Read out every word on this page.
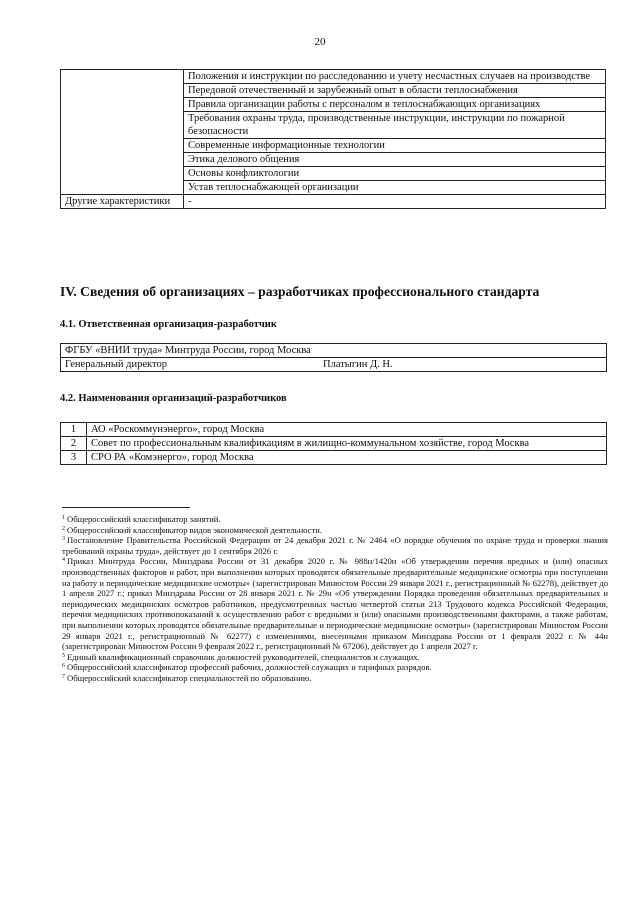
20
	Положения и инструкции по расследованию и учету несчастных случаев на производстве
	Передовой отечественный и зарубежный опыт в области теплоснабжения
	Правила организации работы с персоналом в теплоснабжающих организациях
	Требования охраны труда, производственные инструкции, инструкции по пожарной безопасности
	Современные информационные технологии
	Этика делового общения
	Основы конфликтологии
	Устав теплоснабжающей организации
Другие характеристики	-
IV. Сведения об организациях – разработчиках профессионального стандарта
4.1. Ответственная организация-разработчик
ФГБУ «ВНИИ труда» Минтруда России, город Москва
Генеральный директор	Платыгин Д. Н.
4.2. Наименования организаций-разработчиков
1	АО «Роскоммунэнерго», город Москва
2	Совет по профессиональным квалификациям в жилищно-коммунальном хозяйстве, город Москва
3	СРО РА «Комэнерго», город Москва

$^1$ Общероссийский классификатор занятий.

$^2$ Общероссийский классификатор видов экономической деятельности.

$^3$ Постановление Правительства Российской Федерации от 24 декабря 2021 г. № 2464 «О порядке обучения по охране труда и проверки знания требований охраны труда», действует до 1 сентября 2026 г.

$^4$ Приказ Минтруда России, Минздрава России от 31 декабря 2020 г. № 988н/1420н «Об утверждении перечня вредных и (или) опасных производственных факторов и работ, при выполнении которых проводятся обязательные предварительные медицинские осмотры при поступлении на работу и периодические медицинские осмотры» (зарегистрирован Минюстом России 29 января 2021 г., регистрационный № 62278), действует до 1 апреля 2027 г.; приказ Минздрава России от 28 января 2021 г. № 29н «Об утверждении Порядка проведения обязательных предварительных и периодических медицинских осмотров работников, предусмотренных частью четвертой статьи 213 Трудового кодекса Российской Федерации, перечня медицинских противопоказаний к осуществлению работ с вредными и (или) опасными производственными факторами, а также работам, при выполнении которых проводятся обязательные предварительные и периодические медицинские осмотры» (зарегистрирован Минюстом России 29 января 2021 г., регистрационный № 62277) с изменениями, внесенными приказом Минздрава России от 1 февраля 2022 г. № 44н (зарегистрирован Минюстом России 9 февраля 2022 г., регистрационный № 67206), действует до 1 апреля 2027 г.

$^5$ Единый квалификационный справочник должностей руководителей, специалистов и служащих.

$^6$ Общероссийский классификатор профессий рабочих, должностей служащих и тарифных разрядов.

$^7$ Общероссийский классификатор специальностей по образованию.
